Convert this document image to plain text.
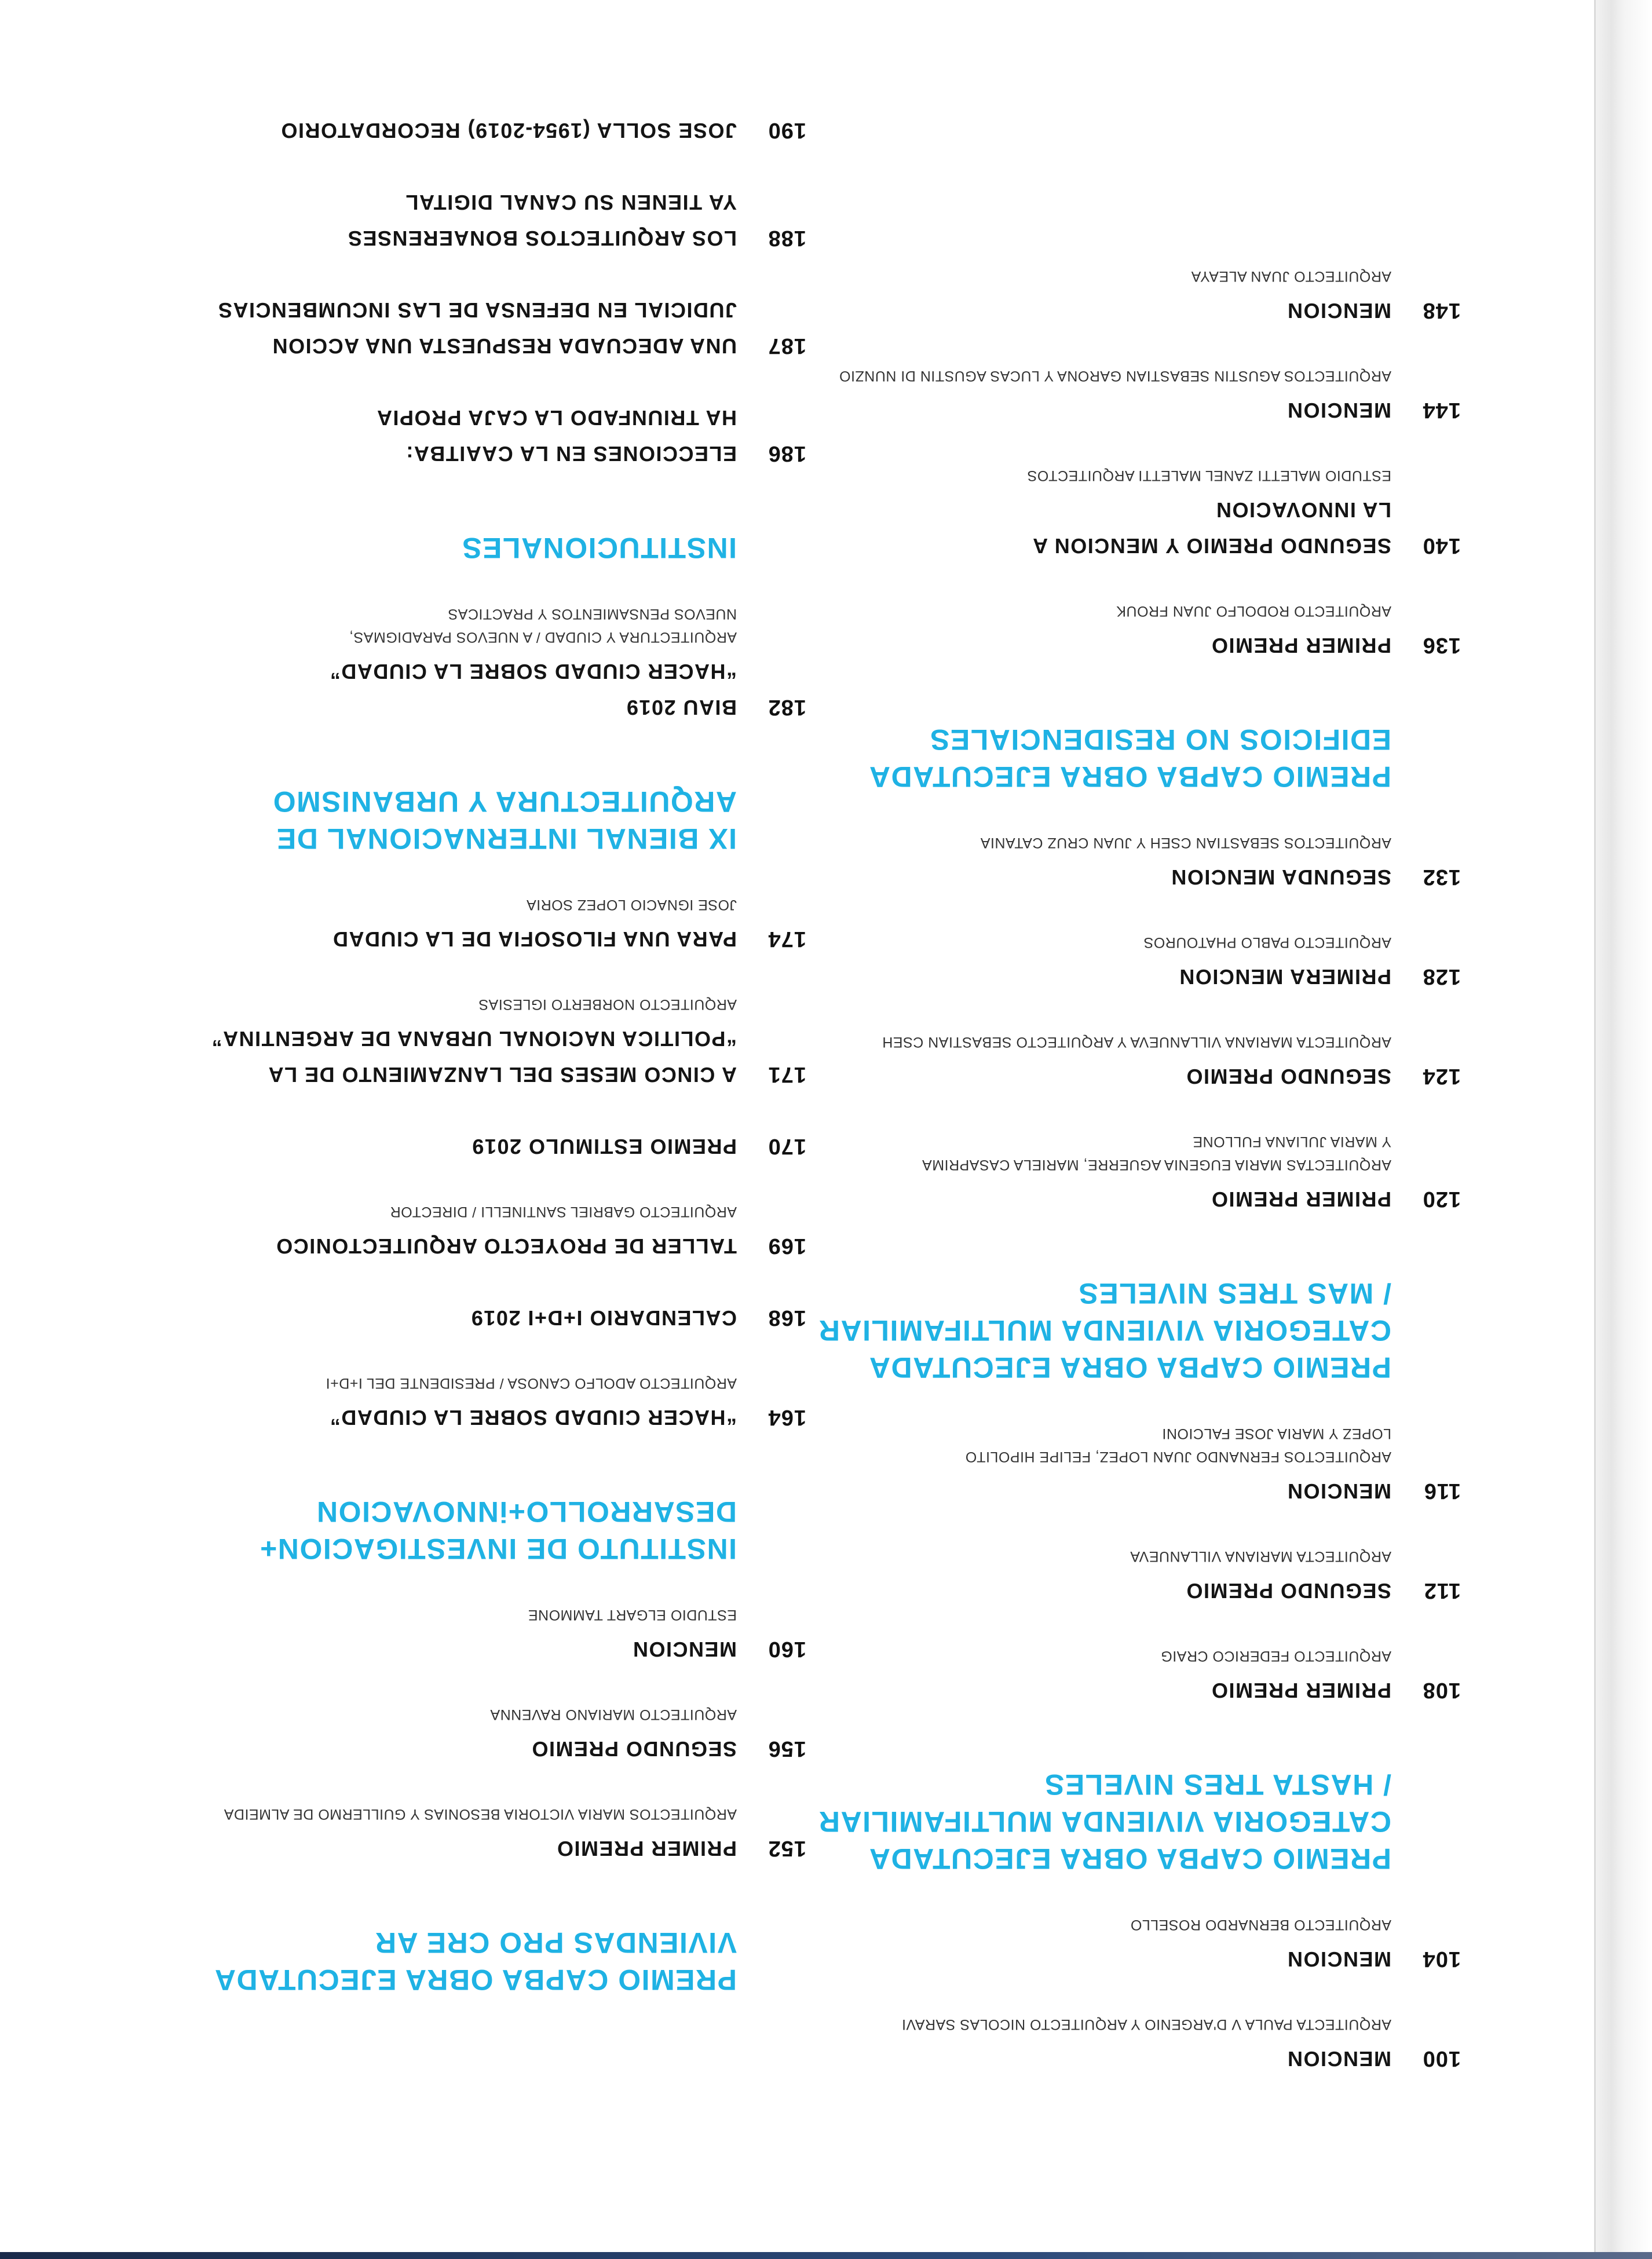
100
MENCION
ARQUITECTA PAULA V D'ARGENIO Y ARQUITECTO NICOLAS SARAVI
104
MENCION
ARQUITECTO BERNARDO ROSELLO
PREMIO CAPBA OBRA EJECUTADA
CATEGORIA VIVIENDA MULTIFAMILIAR
/ HASTA TRES NIVELES
108
PRIMER PREMIO
ARQUITECTO FEDERICO CRAIG
112
SEGUNDO PREMIO
ARQUITECTA MARIANA VILLANUEVA
116
MENCION
ARQUITECTOS FERNANDO JUAN LOPEZ, FELIPE HIPOLITO
LOPEZ Y MARIA JOSE FALCIONI
PREMIO CAPBA OBRA EJECUTADA
CATEGORIA VIVIENDA MULTIFAMILIAR
/ MAS TRES NIVELES
120
PRIMER PREMIO
ARQUITECTAS MARIA EUGENIA AGUERRE, MARIELA CASAPRIMA
Y MARIA JULIANA FULLONE
124
SEGUNDO PREMIO
ARQUITECTA MARIANA VILLANUEVA Y ARQUITECTO SEBASTIAN CSEH
128
PRIMERA MENCION
ARQUITECTO PABLO PHATOUROS
132
SEGUNDA MENCION
ARQUITECTOS SEBASTIAN CSEH Y JUAN CRUZ CATANIA
PREMIO CAPBA OBRA EJECUTADA
EDIFICIOS NO RESIDENCIALES
136
PRIMER PREMIO
ARQUITECTO RODOLFO JUAN FROUK
140
SEGUNDO PREMIO Y MENCION A
LA INNOVACION
ESTUDIO MALETTI ZANEL MALETTI ARQUITECTOS
144
MENCION
ARQUITECTOS AGUSTIN SEBASTIAN GARONA Y LUCAS AGUSTIN DI NUNZIO
148
MENCION
ARQUITECTO JUAN ALEAYA
PREMIO CAPBA OBRA EJECUTADA
VIVIENDAS PRO CRE AR
152
PRIMER PREMIO
ARQUITECTOS MARIA VICTORIA BESONIAS Y GUILLERMO DE ALMEIDA
156
SEGUNDO PREMIO
ARQUITECTO MARIANO RAVENNA
160
MENCION
ESTUDIO ELGART TAMMONE
INSTITUTO DE INVESTIGACION+
DESARROLLO+iNNOVACION
164
“HACER CIUDAD SOBRE LA CIUDAD”
ARQUITECTO ADOLFO CANOSA / PRESIDENTE DEL I+D+I
168
CALENDARIO I+D+I 2019
169
TALLER DE PROYECTO ARQUITECTONICO
ARQUITECTO GABRIEL SANTINELLI / DIRECTOR
170
PREMIO ESTIMULO 2019
171
A CINCO MESES DEL LANZAMIENTO DE LA
“POLITICA NACIONAL URBANA DE ARGENTINA”
ARQUITECTO NORBERTO IGLESIAS
174
PARA UNA FILOSOFIA DE LA CIUDAD
JOSE IGNACIO LOPEZ SORIA
IX BIENAL INTERNACIONAL DE
ARQUITECTURA Y URBANISMO
182
BIAU 2019
“HACER CIUDAD SOBRE LA CIUDAD”
ARQUITECTURA Y CIUDAD / A NUEVOS PARADIGMAS,
NUEVOS PENSAMIENTOS Y PRACTICAS
INSTITUCIONALES
186
ELECCIONES EN LA CAAITBA:
HA TRIUNFADO LA CAJA PROPIA
187
UNA ADECUADA RESPUESTA UNA ACCION
JUDICIAL EN DEFENSA DE LAS INCUMBENCIAS
188
LOS ARQUITECTOS BONAERENSES
YA TIENEN SU CANAL DIGITAL
190
JOSE SOLLA (1954-2019) RECORDATORIO
